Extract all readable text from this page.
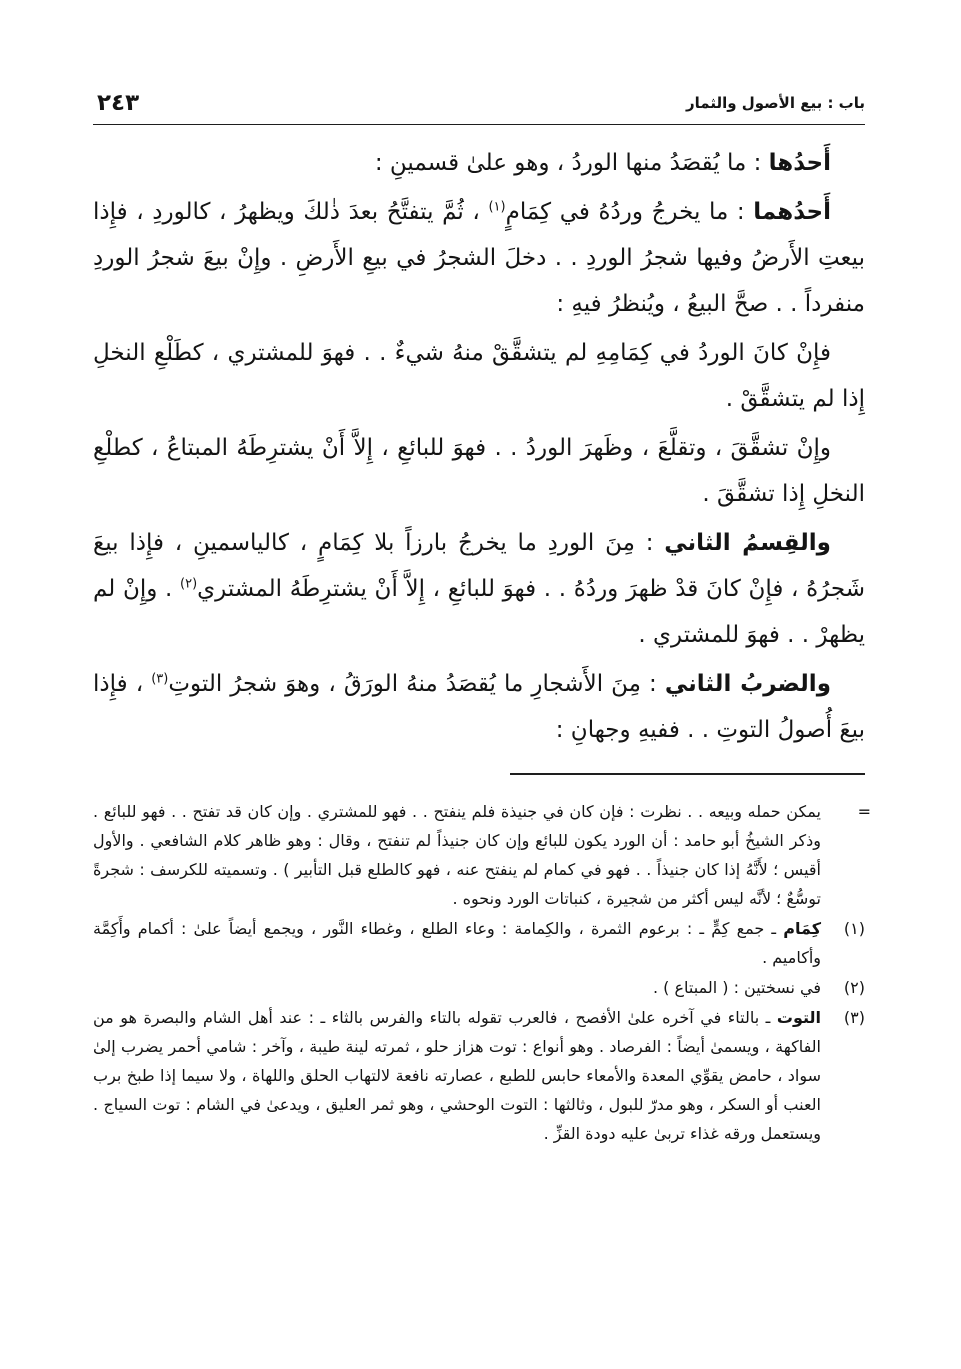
باب : بيع الأصول والثمار
٢٤٣

أَحدُها : ما يُقصَدُ منها الوردُ ، وهو علىٰ قسمينِ :

أَحدُهما : ما يخرجُ وردُهُ في كِمَامٍ$^{(١)}$ ، ثُمَّ يتفتَّحُ بعدَ ذٰلكَ ويظهرُ ، كالوردِ ، فإِذا بيعتِ الأَرضُ وفيها شجرُ الوردِ . . دخلَ الشجرُ في بيعِ الأَرضِ . وإِنْ بيعَ شجرُ الوردِ منفرداً . . صحَّ البيعُ ، ويُنظرُ فيهِ :

فإِنْ كانَ الوردُ في كِمَامِهِ لم يتشقَّقْ منهُ شيءٌ . . فهوَ للمشتري ، كطَلْعِ النخلِ إِذا لم يتشقَّقْ .

وإِنْ تشقَّقَ ، وتقلَّعَ ، وظَهرَ الوردُ . . فهوَ للبائعِ ، إِلاَّ أَنْ يشترِطَهُ المبتاعُ ، كطلْعِ النخلِ إِذا تشقَّقَ .

والقِسمُ الثاني : مِنَ الوردِ ما يخرجُ بارزاً بلا كِمَامٍ ، كالياسمينِ ، فإِذا بيعَ شَجرُهُ ، فإِنْ كانَ قدْ ظهرَ وردُهُ . . فهوَ للبائعِ ، إِلاَّ أَنْ يشترِطَهُ المشتري$^{(٢)}$ . وإِنْ لم يظهرْ . . فهوَ للمشتري .

والضربُ الثاني : مِنَ الأَشجارِ ما يُقصَدُ منهُ الورَقُ ، وهوَ شجرُ التوتِ$^{(٣)}$ ، فإِذا بيعَ أُصولُ التوتِ . . ففيهِ وجهانِ :

=
يمكن حمله وبيعه . . نظرت : فإن كان في جنيذة فلم ينفتح . . فهو للمشتري . وإن كان قد تفتح . . فهو للبائع . وذكر الشيخُ أبو حامد : أن الورد يكون للبائع وإن كان جنيذاً لم تنفتح ، وقال : وهو ظاهر كلام الشافعي . والأول أقيس ؛ لأَنَّهُ إذا كان جنيذاً . . فهو في كمام لم ينفتح عنه ، فهو كالطلع قبل التأبير ) . وتسميته للكرسف : شجرةً توسُّعٌ ؛ لأنَّه ليس أكثر من شجيرة ، كنباتات الورد ونحوه .
(١)
كِمَام ـ جمع كِمٍّ ـ : برعوم الثمرة ، والكِمامة : وعاء الطلع ، وغطاء النَّور ، ويجمع أيضاً علىٰ : أكمام وأَكِمَّة وأكاميم .
(٢)
في نسختين : ( المبتاع ) .
(٣)
التوت ـ بالتاء في آخره علىٰ الأفصح ، فالعرب تقوله بالتاء والفرس بالثاء ـ : عند أهل الشام والبصرة هو من الفاكهة ، ويسمىٰ أيضاً : الفرصاد . وهو أنواع : توت هزاز حلو ، ثمرته لينة طيبة ، وآخر : شامي أحمر يضرب إلىٰ سواد ، حامض يقوِّي المعدة والأمعاء حابس للطبع ، عصارته نافعة لالتهاب الحلق واللهاة ، ولا سيما إذا طبخ برب العنب أو السكر ، وهو مدرّ للبول ، وثالثها : التوت الوحشي ، وهو ثمر العليق ، ويدعىٰ في الشام : توت السياج . ويستعمل ورقه غذاء تربىٰ عليه دودة القزِّ .
